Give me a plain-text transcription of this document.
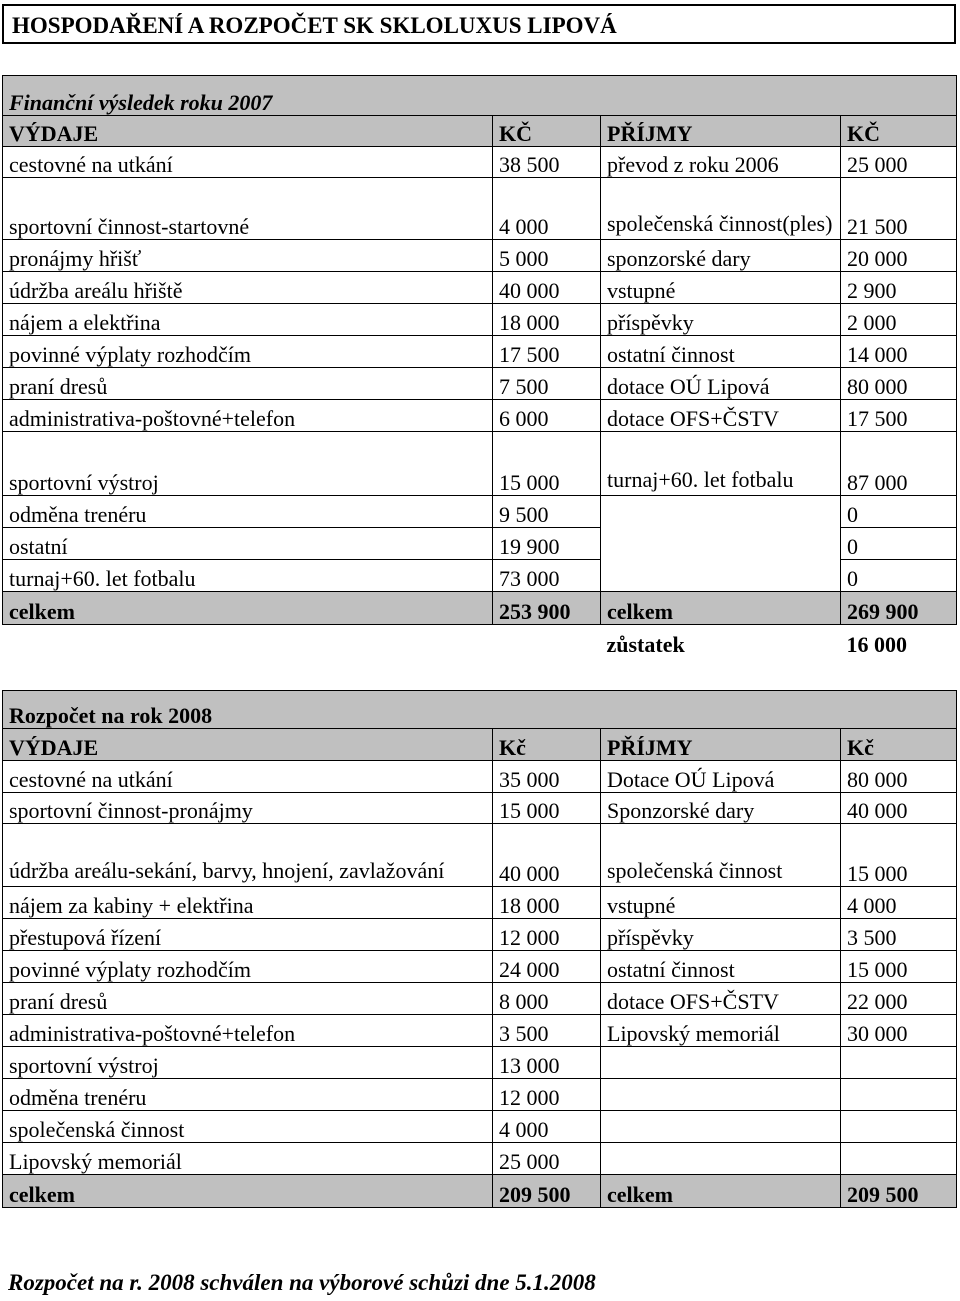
HOSPODAŘENÍ A ROZPOČET SK SKLOLUXUS LIPOVÁ
Finanční výsledek roku 2007			
VÝDAJE	KČ	PŘÍJMY	KČ
cestovné na utkání	38 500	převod z roku 2006	25 000
sportovní činnost-startovné	4 000	společenská činnost(ples)	21 500
pronájmy hřišť	5 000	sponzorské dary	20 000
údržba areálu hřiště	40 000	vstupné	2 900
nájem a elektřina	18 000	příspěvky	2 000
povinné výplaty rozhodčím	17 500	ostatní činnost	14 000
praní dresů	7 500	dotace OÚ Lipová	80 000
administrativa-poštovné+telefon	6 000	dotace OFS+ČSTV	17 500
sportovní výstroj	15 000	turnaj+60. let fotbalu	87 000
odměna trenéru	9 500		0
ostatní	19 900		0
turnaj+60. let fotbalu	73 000		0
celkem	253 900	celkem	269 900
		zůstatek	16 000
Rozpočet na rok 2008			
VÝDAJE	Kč	PŘÍJMY	Kč
cestovné na utkání	35 000	Dotace OÚ Lipová	80 000
sportovní činnost-pronájmy	15 000	Sponzorské dary	40 000
údržba areálu-sekání, barvy, hnojení, zavlažování	40 000	společenská činnost	15 000
nájem za kabiny + elektřina	18 000	vstupné	4 000
přestupová řízení	12 000	příspěvky	3 500
povinné výplaty rozhodčím	24 000	ostatní činnost	15 000
praní dresů	8 000	dotace OFS+ČSTV	22 000
administrativa-poštovné+telefon	3 500	Lipovský memoriál	30 000
sportovní výstroj	13 000		
odměna trenéru	12 000		
společenská činnost	4 000		
Lipovský memoriál	25 000		
celkem	209 500	celkem	209 500
Rozpočet na r. 2008 schválen na výborové schůzi dne 5.1.2008
